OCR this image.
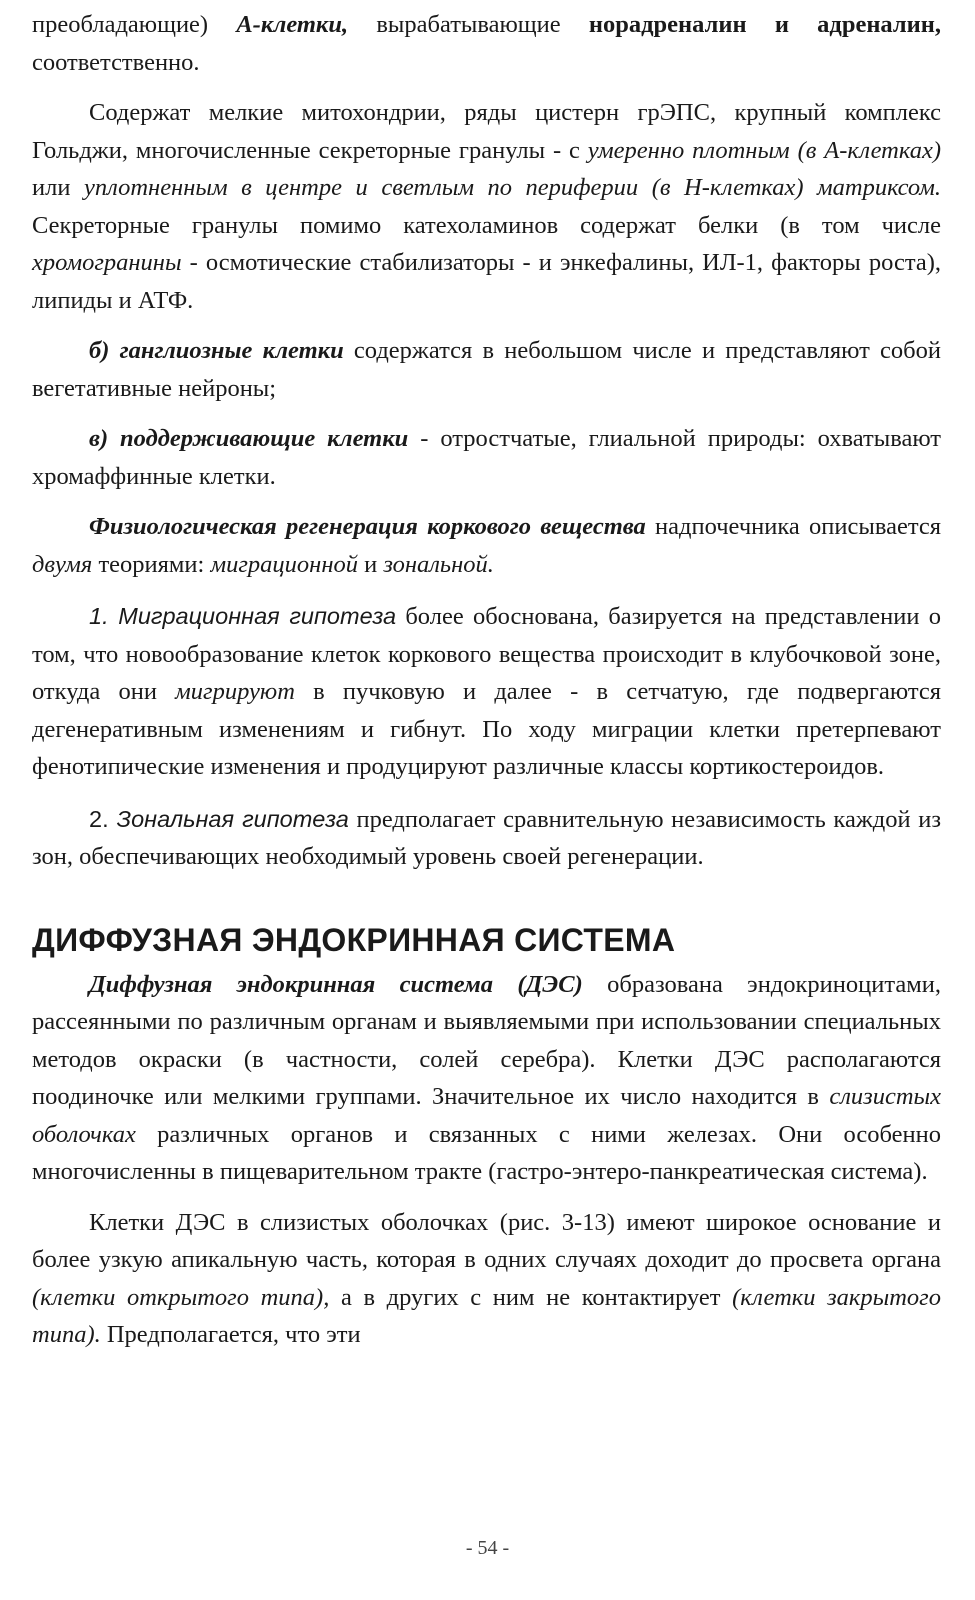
преобладающие) А-клетки, вырабатывающие норадреналин и адреналин, соответственно.

Содержат мелкие митохондрии, ряды цистерн грЭПС, крупный комплекс Гольджи, многочисленные секреторные гранулы - с умеренно плотным (в А-клетках) или уплотненным в центре и светлым по периферии (в Н-клетках) матриксом. Секреторные гранулы помимо катехоламинов содержат белки (в том числе хромогранины - осмотические стабилизаторы - и энкефалины, ИЛ-1, факторы роста), липиды и АТФ.

б) ганглиозные клетки содержатся в небольшом числе и представляют собой вегетативные нейроны;

в) поддерживающие клетки - отростчатые, глиальной природы: охватывают хромаффинные клетки.

Физиологическая регенерация коркового вещества надпочечника описывается двумя теориями: миграционной и зональной.

1. Миграционная гипотеза более обоснована, базируется на представлении о том, что новообразование клеток коркового вещества происходит в клубочковой зоне, откуда они мигрируют в пучковую и далее - в сетчатую, где подвергаются дегенеративным изменениям и гибнут. По ходу миграции клетки претерпевают фенотипические изменения и продуцируют различные классы кортикостероидов.

2. Зональная гипотеза предполагает сравнительную независимость каждой из зон, обеспечивающих необходимый уровень своей регенерации.

ДИФФУЗНАЯ ЭНДОКРИННАЯ СИСТЕМА

Диффузная эндокринная система (ДЭС) образована эндокриноцитами, рассеянными по различным органам и выявляемыми при использовании специальных методов окраски (в частности, солей серебра). Клетки ДЭС располагаются поодиночке или мелкими группами. Значительное их число находится в слизистых оболочках различных органов и связанных с ними железах. Они особенно многочисленны в пищеварительном тракте (гастро-энтеро-панкреатическая система).

Клетки ДЭС в слизистых оболочках (рис. 3-13) имеют широкое основание и более узкую апикальную часть, которая в одних случаях доходит до просвета органа (клетки открытого типа), а в других с ним не контактирует (клетки закрытого типа). Предполагается, что эти

- 54 -
